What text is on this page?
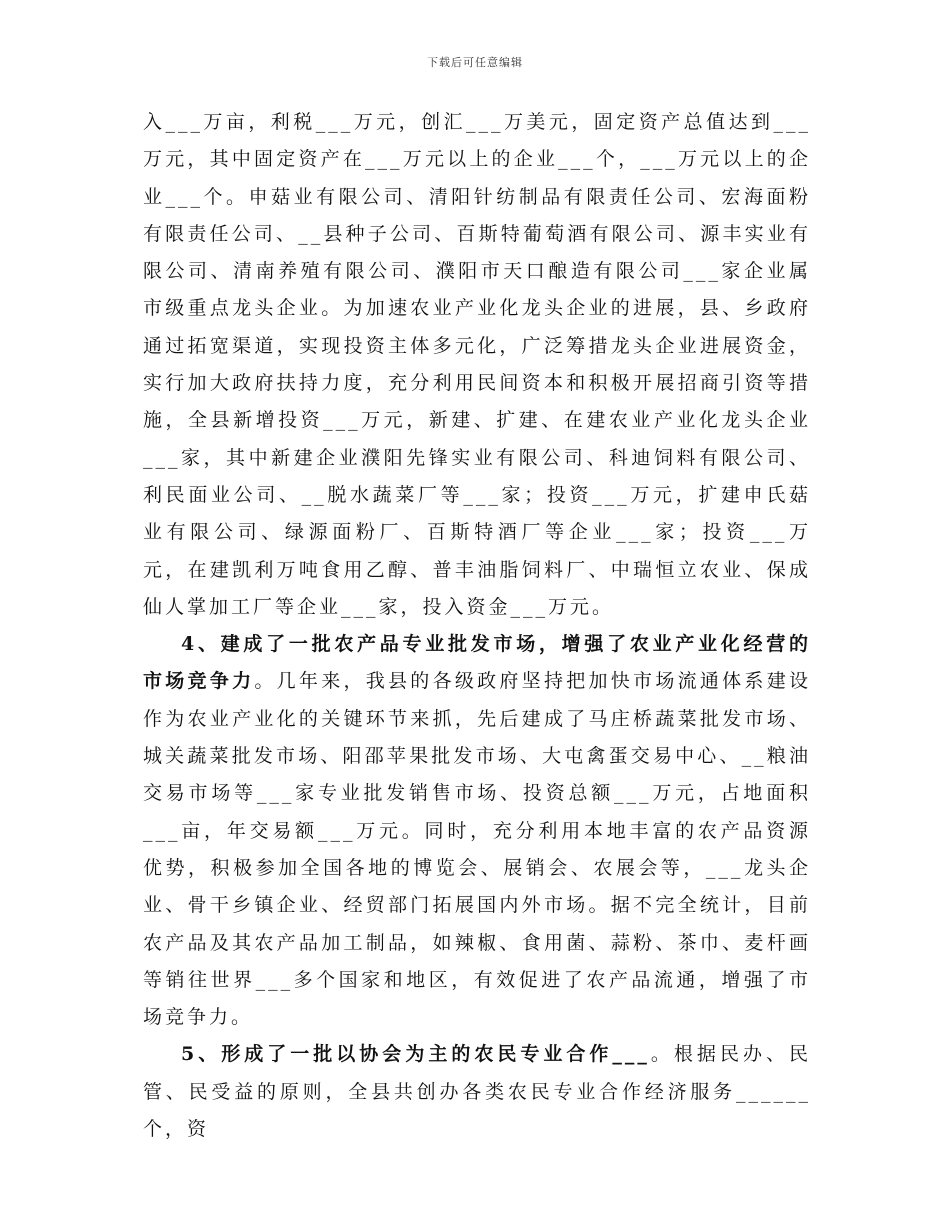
下载后可任意编辑

入___万亩，利税___万元，创汇___万美元，固定资产总值达到___万元，其中固定资产在___万元以上的企业___个，___万元以上的企业___个。申菇业有限公司、清阳针纺制品有限责任公司、宏海面粉有限责任公司、__县种子公司、百斯特葡萄酒有限公司、源丰实业有限公司、清南养殖有限公司、濮阳市天口酿造有限公司___家企业属市级重点龙头企业。为加速农业产业化龙头企业的进展，县、乡政府通过拓宽渠道，实现投资主体多元化，广泛筹措龙头企业进展资金，实行加大政府扶持力度，充分利用民间资本和积极开展招商引资等措施，全县新增投资___万元，新建、扩建、在建农业产业化龙头企业___家，其中新建企业濮阳先锋实业有限公司、科迪饲料有限公司、利民面业公司、__脱水蔬菜厂等___家；投资___万元，扩建申氏菇业有限公司、绿源面粉厂、百斯特酒厂等企业___家；投资___万元，在建凯利万吨食用乙醇、普丰油脂饲料厂、中瑞恒立农业、保成仙人掌加工厂等企业___家，投入资金___万元。

4、建成了一批农产品专业批发市场，增强了农业产业化经营的市场竞争力。几年来，我县的各级政府坚持把加快市场流通体系建设作为农业产业化的关键环节来抓，先后建成了马庄桥蔬菜批发市场、城关蔬菜批发市场、阳邵苹果批发市场、大屯禽蛋交易中心、__粮油交易市场等___家专业批发销售市场、投资总额___万元，占地面积___亩，年交易额___万元。同时，充分利用本地丰富的农产品资源优势，积极参加全国各地的博览会、展销会、农展会等，___龙头企业、骨干乡镇企业、经贸部门拓展国内外市场。据不完全统计，目前农产品及其农产品加工制品，如辣椒、食用菌、蒜粉、茶巾、麦杆画等销往世界___多个国家和地区，有效促进了农产品流通，增强了市场竞争力。

5、形成了一批以协会为主的农民专业合作___。根据民办、民管、民受益的原则，全县共创办各类农民专业合作经济服务______个，资
